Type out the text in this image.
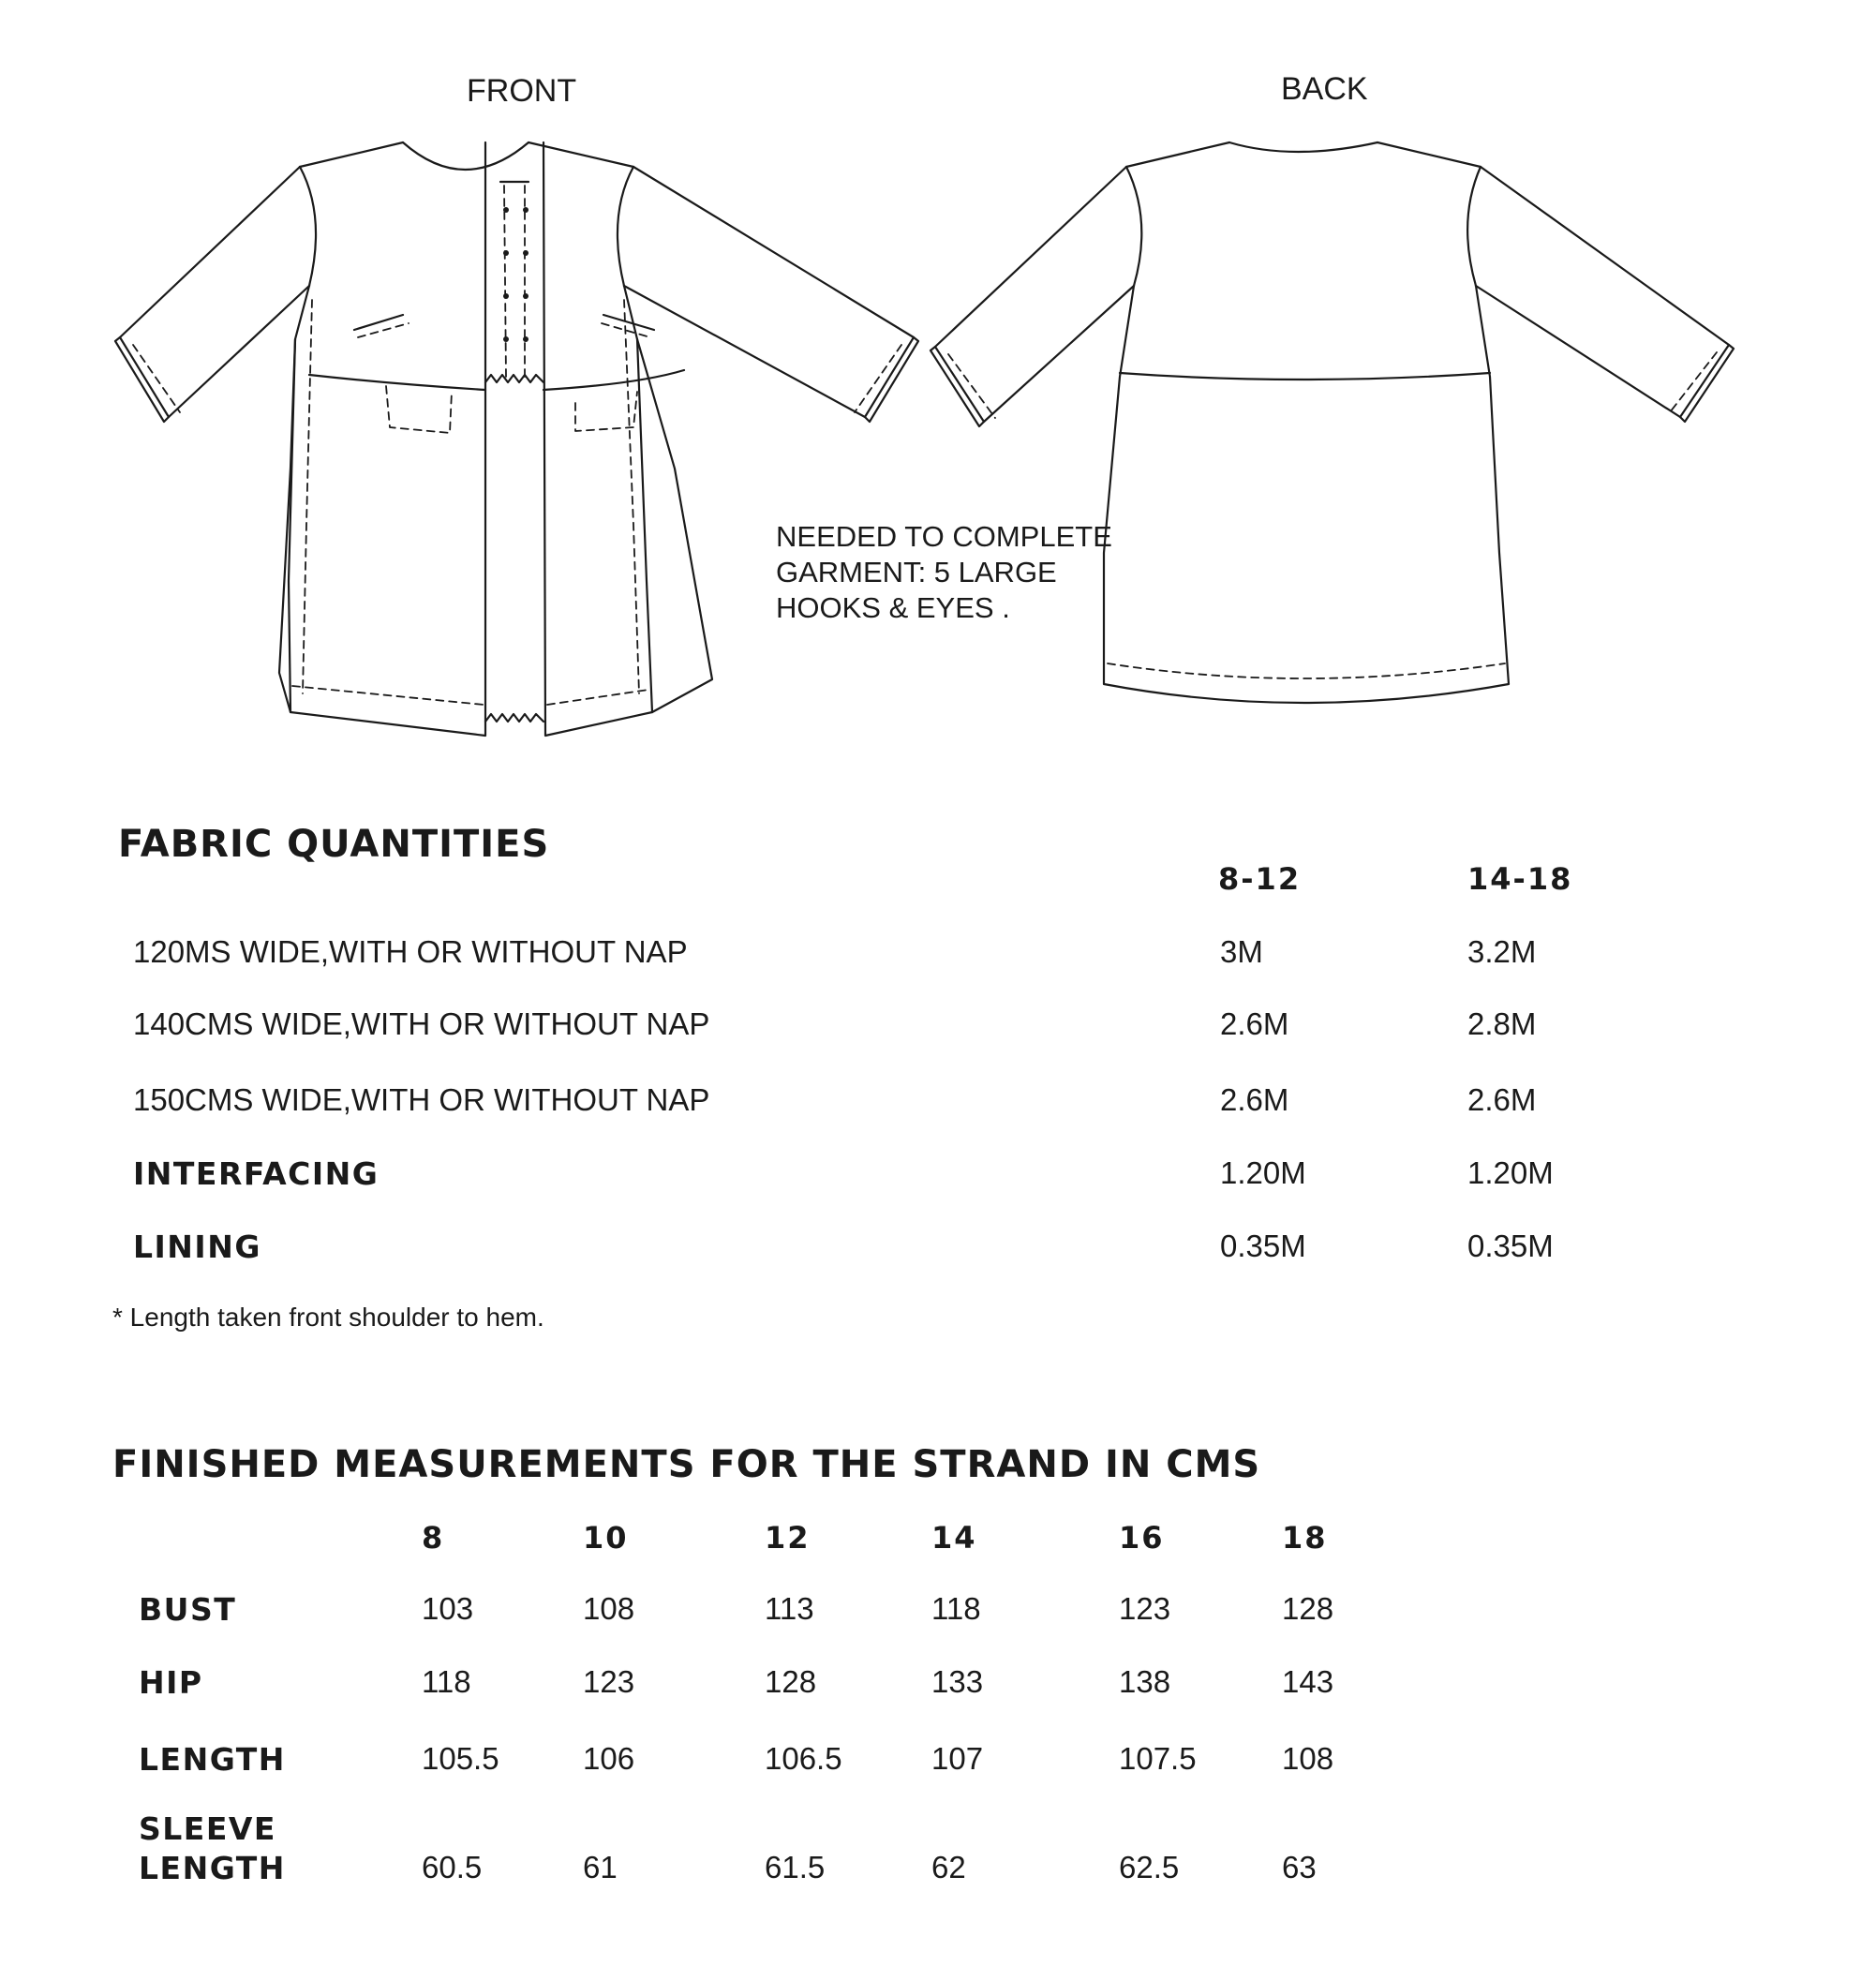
FRONT	BACK
NEEDED TO COMPLETE GARMENT: 5 LARGE HOOKS & EYES .
FABRIC QUANTITIES
8-12	14-18
120MS WIDE,WITH OR WITHOUT NAP	3M	3.2M
140CMS WIDE,WITH OR WITHOUT NAP	2.6M	2.8M
150CMS WIDE,WITH OR WITHOUT NAP	2.6M	2.6M
INTERFACING	1.20M	1.20M
LINING	0.35M	0.35M
* Length taken front shoulder to hem.
FINISHED MEASUREMENTS FOR THE STRAND IN CMS
8	10	12	14	16	18
BUST	103	108	113	118	123	128
HIP	118	123	128	133	138	143
LENGTH	105.5	106	106.5	107	107.5	108
SLEEVE
LENGTH	60.5	61	61.5	62	62.5	63
